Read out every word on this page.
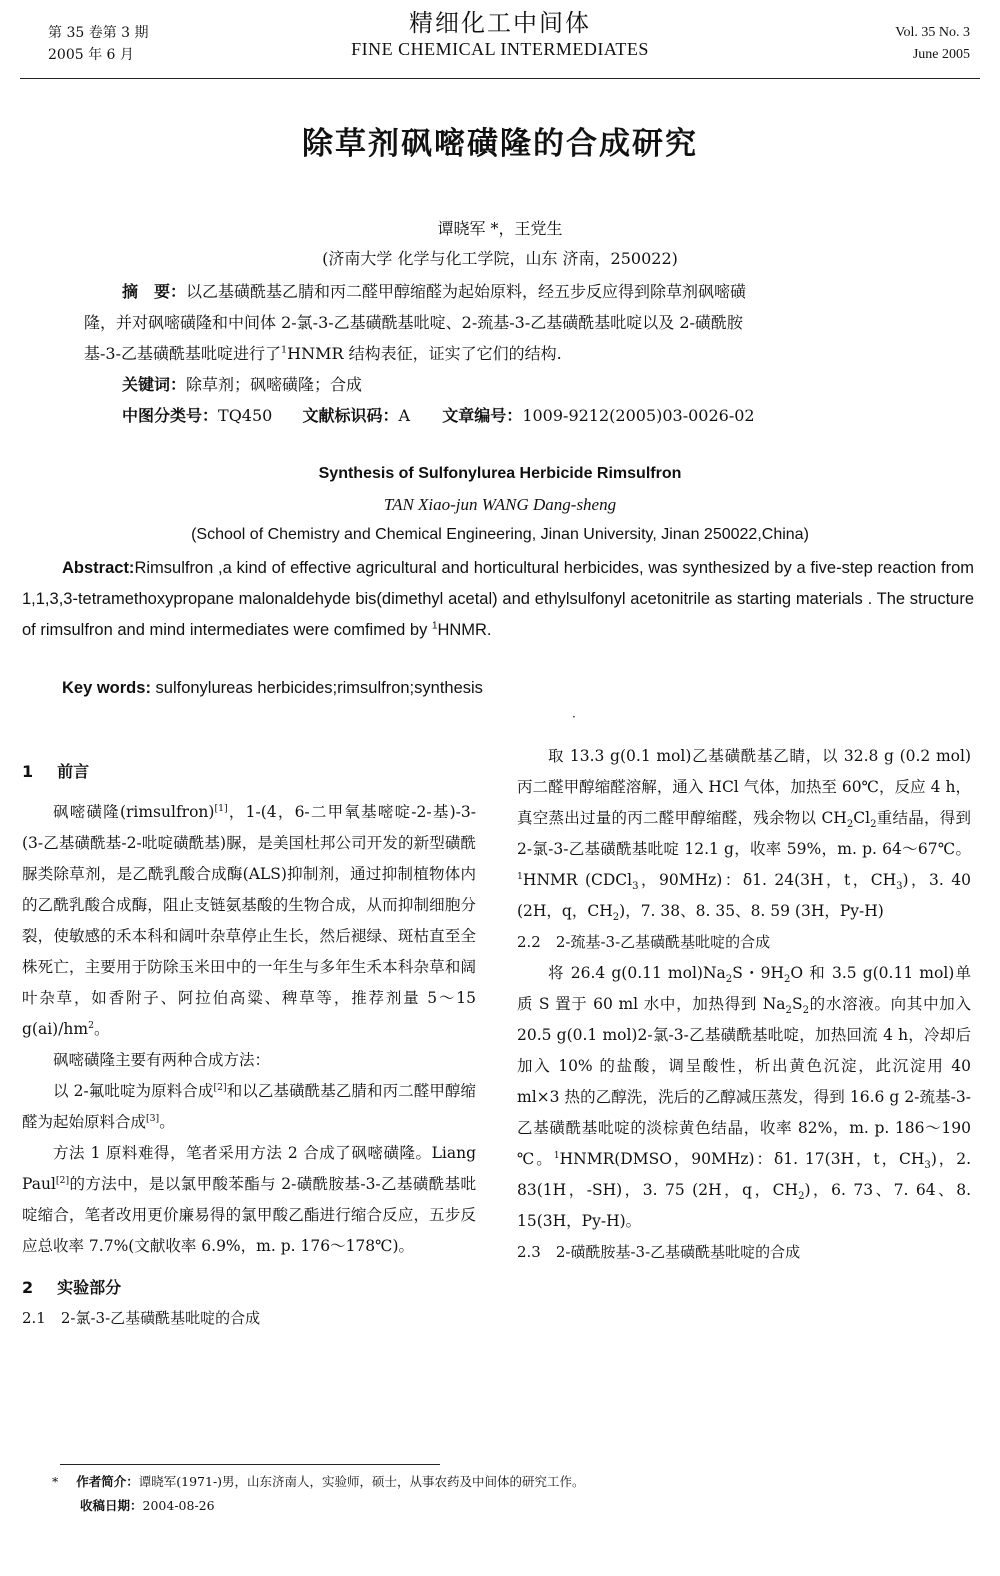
第 35 卷第 3 期
2005 年 6 月
精细化工中间体
FINE CHEMICAL INTERMEDIATES
Vol. 35 No. 3
June 2005
除草剂砜嘧磺隆的合成研究
谭晓军 *，王党生
(济南大学 化学与化工学院，山东 济南，250022)
摘　要：以乙基磺酰基乙腈和丙二醛甲醇缩醛为起始原料，经五步反应得到除草剂砜嘧磺
隆，并对砜嘧磺隆和中间体 2-氯-3-乙基磺酰基吡啶、2-巯基-3-乙基磺酰基吡啶以及 2-磺酰胺
基-3-乙基磺酰基吡啶进行了$^1$HNMR 结构表征，证实了它们的结构.
关键词：除草剂；砜嘧磺隆；合成
中图分类号：TQ450 文献标识码：A 文章编号：1009-9212(2005)03-0026-02
Synthesis of Sulfonylurea Herbicide Rimsulfron
TAN Xiao-jun WANG Dang-sheng
(School of Chemistry and Chemical Engineering, Jinan University, Jinan 250022,China)
Abstract:Rimsulfron ,a kind of effective agricultural and horticultural herbicides, was synthesized by a five-step reaction from 1,1,3,3-tetramethoxypropane malonaldehyde bis(dimethyl acetal) and ethylsulfonyl acetonitrile as starting materials . The structure of rimsulfron and mind intermediates were comfimed by $^1$HNMR.
Key words: sulfonylureas herbicides;rimsulfron;synthesis
·
1 前言

砜嘧磺隆(rimsulfron)[1]，1-(4，6-二甲氧基嘧啶-2-基)-3-(3-乙基磺酰基-2-吡啶磺酰基)脲，是美国杜邦公司开发的新型磺酰脲类除草剂，是乙酰乳酸合成酶(ALS)抑制剂，通过抑制植物体内的乙酰乳酸合成酶，阻止支链氨基酸的生物合成，从而抑制细胞分裂，使敏感的禾本科和阔叶杂草停止生长，然后褪绿、斑枯直至全株死亡，主要用于防除玉米田中的一年生与多年生禾本科杂草和阔叶杂草，如香附子、阿拉伯高粱、稗草等，推荐剂量 5～15 $g(ai)/hm^2$。

砜嘧磺隆主要有两种合成方法：

以 2-氟吡啶为原料合成[2]和以乙基磺酰基乙腈和丙二醛甲醇缩醛为起始原料合成[3]。

方法 1 原料难得，笔者采用方法 2 合成了砜嘧磺隆。Liang Paul[2]的方法中，是以氯甲酸苯酯与 2-磺酰胺基-3-乙基磺酰基吡啶缩合，笔者改用更价廉易得的氯甲酸乙酯进行缩合反应，五步反应总收率 7.7%(文献收率 6.9%，m. p. 176～178℃)。

2 实验部分
2.1　2-氯-3-乙基磺酰基吡啶的合成

取 13.3 g(0.1 mol)乙基磺酰基乙睛，以 32.8 g (0.2 mol)丙二醛甲醇缩醛溶解，通入 HCl 气体，加热至 60℃，反应 4 h，真空蒸出过量的丙二醛甲醇缩醛，残余物以 $CH_2Cl_2$重结晶，得到 2-氯-3-乙基磺酰基吡啶 12.1 g，收率 59%，m. p. 64～67℃。$^1$HNMR (CDCl$_3$，90MHz)：δ1. 24(3H，t，$CH_3$)，3. 40 (2H，q，$CH_2$)，7. 38、8. 35、8. 59 (3H，Py-H)

2.2　2-巯基-3-乙基磺酰基吡啶的合成

将 26.4 g(0.11 $mol)Na_2S$・$9H_2O$ 和 3.5 g(0.11 mol)单质 S 置于 60 ml 水中，加热得到 $Na_2S_2$的水溶液。向其中加入 20.5 g(0.1 mol)2-氯-3-乙基磺酰基吡啶，加热回流 4 h，冷却后加入 10% 的盐酸，调呈酸性，析出黄色沉淀，此沉淀用 40 ml×3 热的乙醇洗，洗后的乙醇减压蒸发，得到 16.6 g 2-巯基-3-乙基磺酰基吡啶的淡棕黄色结晶，收率 82%，m. p. 186～190 ℃。$^1$HNMR(DMSO，90MHz)：δ1. 17(3H，t，$CH_3$)，2. 83(1H，-SH)，3. 75 (2H，q，$CH_2$)，6. 73、7. 64、8. 15(3H，Py-H)。

2.3　2-磺酰胺基-3-乙基磺酰基吡啶的合成
* 作者简介：谭晓军(1971-)男，山东济南人，实验师，硕士，从事农药及中间体的研究工作。
收稿日期：2004-08-26
